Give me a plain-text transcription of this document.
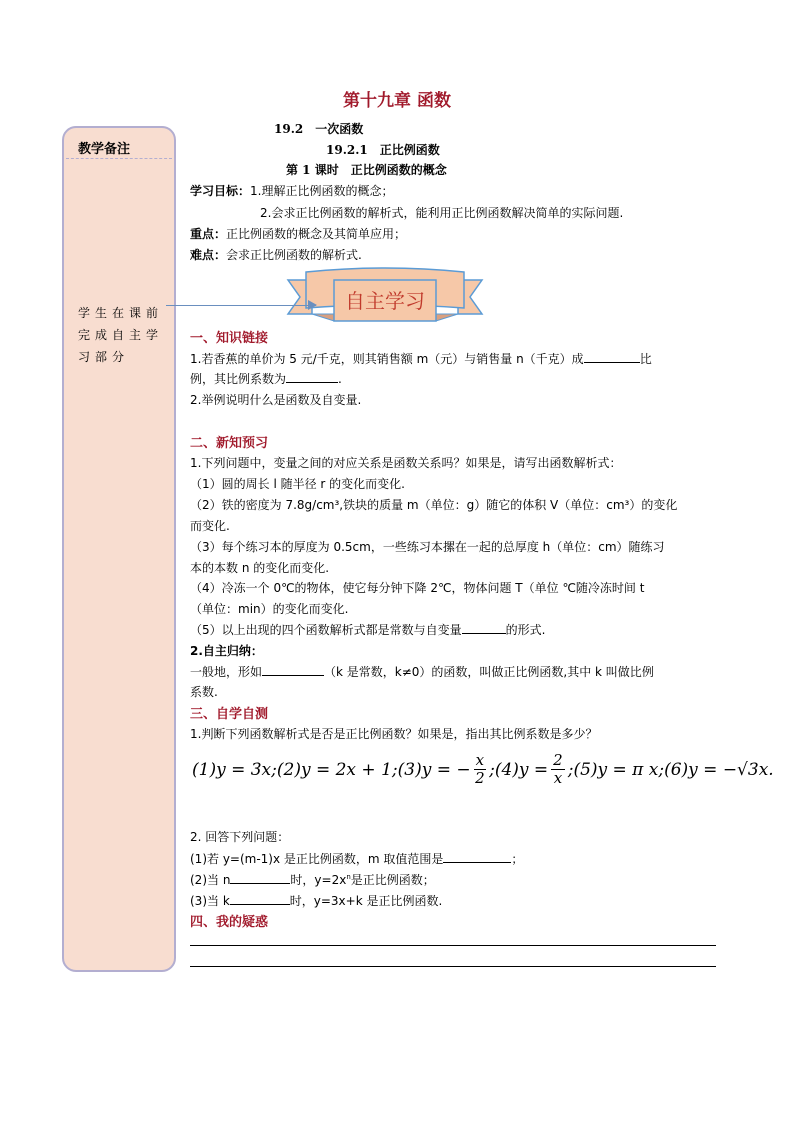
第十九章 函数
教学备注
学生在课前完成自主学习部分
19.2　一次函数
19.2.1　正比例函数
第 1 课时　正比例函数的概念
学习目标：1.理解正比例函数的概念；
2.会求正比例函数的解析式，能利用正比例函数解决简单的实际问题.
重点：正比例函数的概念及其简单应用；
难点：会求正比例函数的解析式.
自主学习
一、知识链接
1.若香蕉的单价为 5 元/千克，则其销售额 m（元）与销售量 n（千克）成	比
例，其比例系数为	.
2.举例说明什么是函数及自变量.
二、新知预习
1.下列问题中，变量之间的对应关系是函数关系吗？如果是，请写出函数解析式：
（1）圆的周长 l 随半径 r 的变化而变化.
（2）铁的密度为 7.8g/cm³,铁块的质量 m（单位：g）随它的体积 V（单位：cm³）的变化
而变化.
（3）每个练习本的厚度为 0.5cm，一些练习本摞在一起的总厚度 h（单位：cm）随练习
本的本数 n 的变化而变化.
（4）冷冻一个 0℃的物体，使它每分钟下降 2℃，物体问题 T（单位 ℃随冷冻时间 t
（单位：min）的变化而变化.
（5）以上出现的四个函数解析式都是常数与自变量	的形式.
2.自主归纳：
一般地，形如	（k 是常数，k≠0）的函数，叫做正比例函数,其中 k 叫做比例
系数.
三、自学自测
1.判断下列函数解析式是否是正比例函数？如果是，指出其比例系数是多少？
(1)y = 3x; (2)y = 2x + 1; (3)y = − $\frac{x}{2}$ ; $(4)y = \frac{2}{x}$ ; (5)y = π x; (6)y = −√3x.
2. 回答下列问题：
(1)若 y=(m-1)x 是正比例函数，m 取值范围是	；
(2)当 n	时，$y=2x^n$是正比例函数；
(3)当 k	时，y=3x+k 是正比例函数.
四、我的疑惑
